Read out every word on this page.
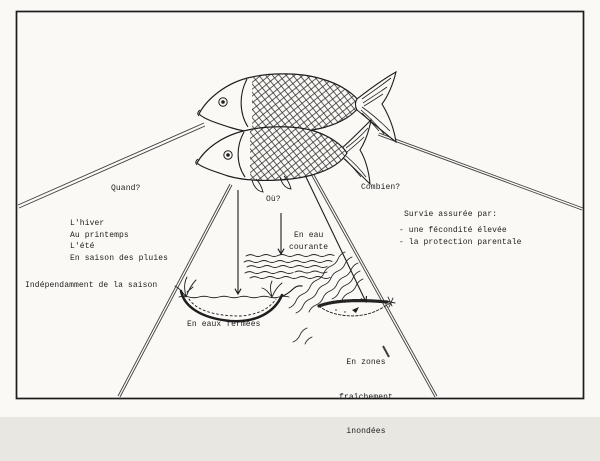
Quand?
Où?
Combien?
L'hiver
Au printemps
L'été
En saison des pluies
Indépendamment de la saison
En eau
courante
En eaux fermées

En zones

fraîchement

inondées

Survie assurée par:
- une fécondité élevée
- la protection parentale
